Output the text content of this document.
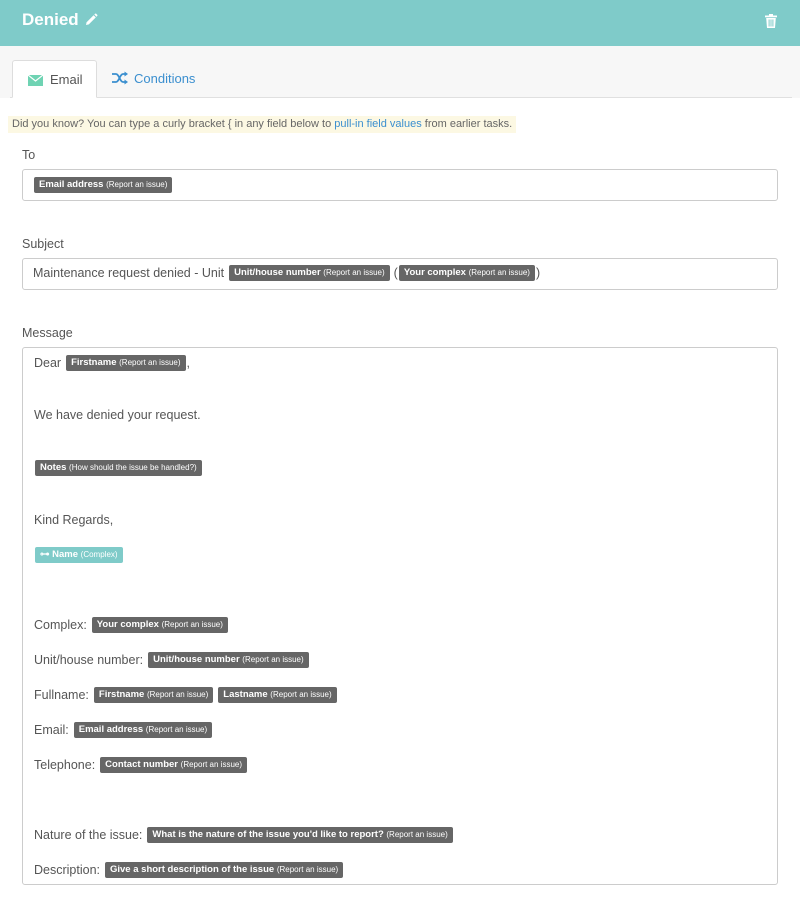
Denied
Email	Conditions
Did you know? You can type a curly bracket { in any field below to pull-in field values from earlier tasks.
To
Email address (Report an issue)
Subject
Maintenance request denied - Unit	Unit/house number (Report an issue) ( Your complex (Report an issue) )
Message
Dear	Firstname (Report an issue) ,
We have denied your request.
Notes (How should the issue be handled?)
Kind Regards,
⊶ Name (Complex)
Complex:	Your complex (Report an issue)
Unit/house number:	Unit/house number (Report an issue)
Fullname:	Firstname (Report an issue)	Lastname (Report an issue)
Email:	Email address (Report an issue)
Telephone:	Contact number (Report an issue)
Nature of the issue:	What is the nature of the issue you'd like to report? (Report an issue)
Description:	Give a short description of the issue (Report an issue)
